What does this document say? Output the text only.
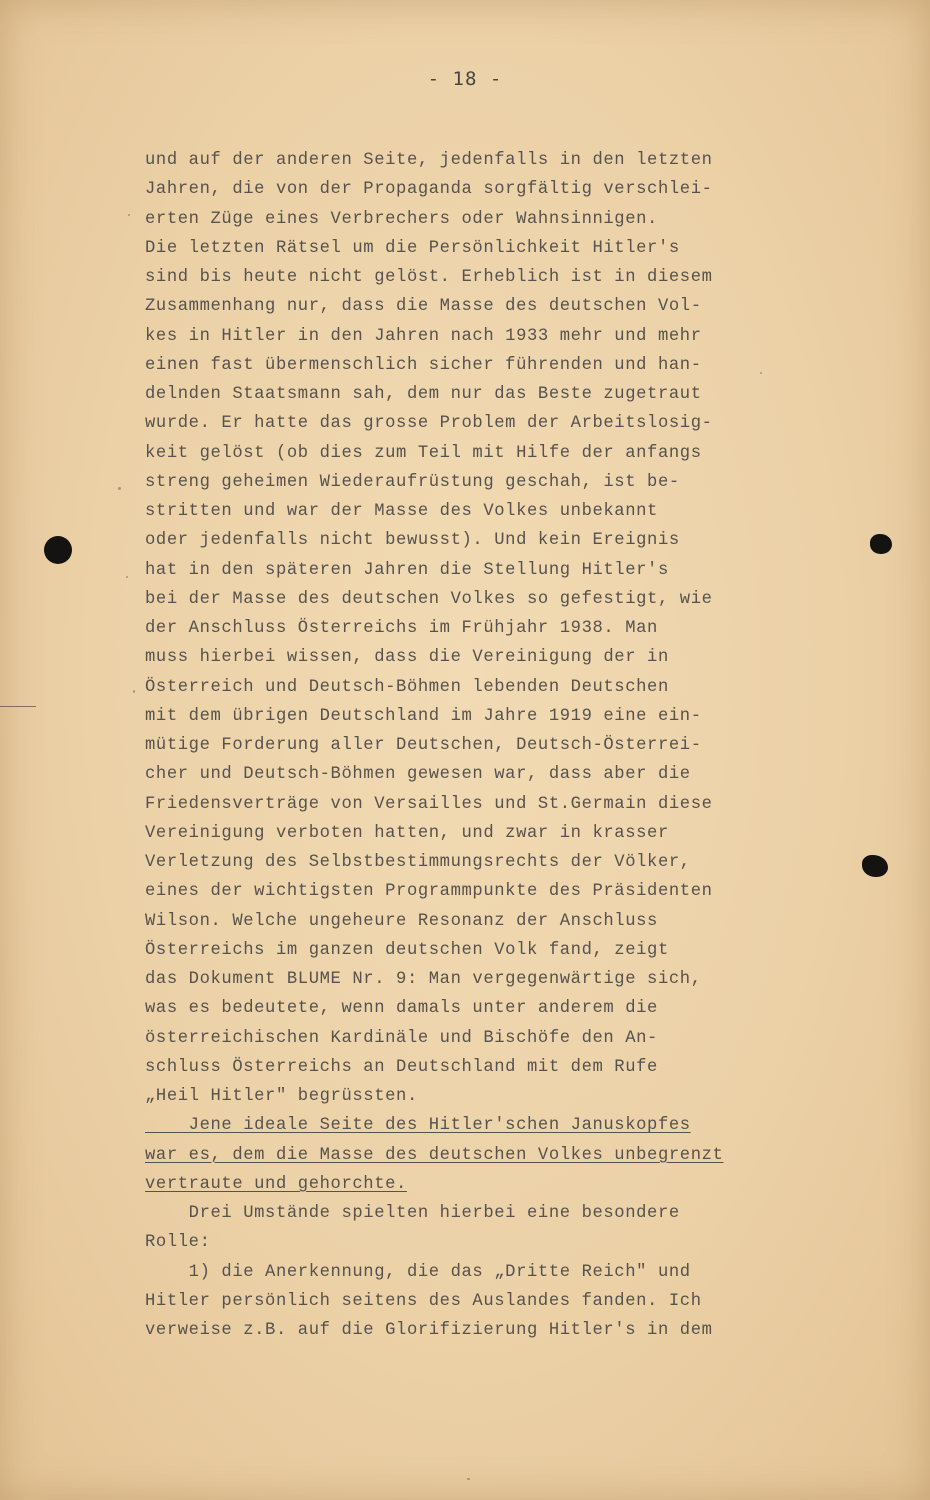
- 18 -
und auf der anderen Seite, jedenfalls in den letzten
Jahren, die von der Propaganda sorgfältig verschlei-
erten Züge eines Verbrechers oder Wahnsinnigen.
Die letzten Rätsel um die Persönlichkeit Hitler's
sind bis heute nicht gelöst. Erheblich ist in diesem
Zusammenhang nur, dass die Masse des deutschen Vol-
kes in Hitler in den Jahren nach 1933 mehr und mehr
einen fast übermenschlich sicher führenden und han-
delnden Staatsmann sah, dem nur das Beste zugetraut
wurde. Er hatte das grosse Problem der Arbeitslosig-
keit gelöst (ob dies zum Teil mit Hilfe der anfangs
streng geheimen Wiederaufrüstung geschah, ist be-
stritten und war der Masse des Volkes unbekannt
oder jedenfalls nicht bewusst). Und kein Ereignis
hat in den späteren Jahren die Stellung Hitler's
bei der Masse des deutschen Volkes so gefestigt, wie
der Anschluss Österreichs im Frühjahr 1938. Man
muss hierbei wissen, dass die Vereinigung der in
Österreich und Deutsch-Böhmen lebenden Deutschen
mit dem übrigen Deutschland im Jahre 1919 eine ein-
mütige Forderung aller Deutschen, Deutsch-Österrei-
cher und Deutsch-Böhmen gewesen war, dass aber die
Friedensverträge von Versailles und St.Germain diese
Vereinigung verboten hatten, und zwar in krasser
Verletzung des Selbstbestimmungsrechts der Völker,
eines der wichtigsten Programmpunkte des Präsidenten
Wilson. Welche ungeheure Resonanz der Anschluss
Österreichs im ganzen deutschen Volk fand, zeigt
das Dokument BLUME Nr. 9: Man vergegenwärtige sich,
was es bedeutete, wenn damals unter anderem die
österreichischen Kardinäle und Bischöfe den An-
schluss Österreichs an Deutschland mit dem Rufe
„Heil Hitler" begrüssten.
Jene ideale Seite des Hitler'schen Januskopfes
war es, dem die Masse des deutschen Volkes unbegrenzt
vertraute und gehorchte.
Drei Umstände spielten hierbei eine besondere
Rolle:
1) die Anerkennung, die das „Dritte Reich" und
Hitler persönlich seitens des Auslandes fanden. Ich
verweise z.B. auf die Glorifizierung Hitler's in dem
